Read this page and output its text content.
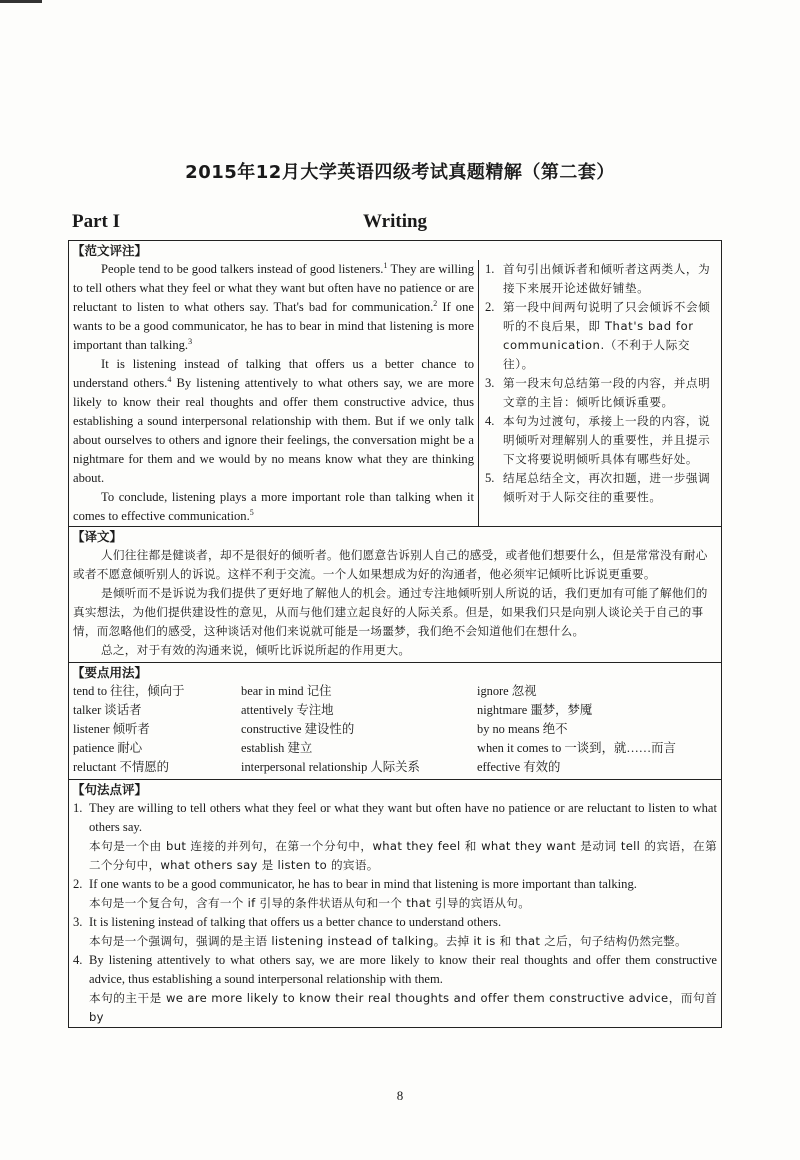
2015年12月大学英语四级考试真题精解（第二套）
Part I	Writing
【范文评注】

People tend to be good talkers instead of good listeners.$^1$ They are willing to tell others what they feel or what they want but often have no patience or are reluctant to listen to what others say. That's bad for communication.$^2$ If one wants to be a good communicator, he has to bear in mind that listening is more important than talking.$^3$

It is listening instead of talking that offers us a better chance to understand others.$^4$ By listening attentively to what others say, we are more likely to know their real thoughts and offer them constructive advice, thus establishing a sound interpersonal relationship with them. But if we only talk about ourselves to others and ignore their feelings, the conversation might be a nightmare for them and we would by no means know what they are thinking about.

To conclude, listening plays a more important role than talking when it comes to effective communication.$^5$

1. 首句引出倾诉者和倾听者这两类人，为接下来展开论述做好铺垫。
2. 第一段中间两句说明了只会倾诉不会倾听的不良后果，即 That's bad for communication.（不利于人际交往）。
3. 第一段末句总结第一段的内容，并点明文章的主旨：倾听比倾诉重要。
4. 本句为过渡句，承接上一段的内容，说明倾听对理解别人的重要性，并且提示下文将要说明倾听具体有哪些好处。
5. 结尾总结全文，再次扣题，进一步强调倾听对于人际交往的重要性。
【译文】

人们往往都是健谈者，却不是很好的倾听者。他们愿意告诉别人自己的感受，或者他们想要什么，但是常常没有耐心或者不愿意倾听别人的诉说。这样不利于交流。一个人如果想成为好的沟通者，他必须牢记倾听比诉说更重要。

是倾听而不是诉说为我们提供了更好地了解他人的机会。通过专注地倾听别人所说的话，我们更加有可能了解他们的真实想法，为他们提供建设性的意见，从而与他们建立起良好的人际关系。但是，如果我们只是向别人谈论关于自己的事情，而忽略他们的感受，这种谈话对他们来说就可能是一场噩梦，我们绝不会知道他们在想什么。

总之，对于有效的沟通来说，倾听比诉说所起的作用更大。

【要点用法】
tend to 往往，倾向于	bear in mind 记住	ignore 忽视
talker 谈话者	attentively 专注地	nightmare 噩梦，梦魇
listener 倾听者	constructive 建设性的	by no means 绝不
patience 耐心	establish 建立	when it comes to 一谈到，就……而言
reluctant 不情愿的	interpersonal relationship 人际关系	effective 有效的
【句法点评】
1. They are willing to tell others what they feel or what they want but often have no patience or are reluctant to listen to what others say.
本句是一个由 but 连接的并列句，在第一个分句中，what they feel 和 what they want 是动词 tell 的宾语，在第二个分句中，what others say 是 listen to 的宾语。
2. If one wants to be a good communicator, he has to bear in mind that listening is more important than talking.
本句是一个复合句，含有一个 if 引导的条件状语从句和一个 that 引导的宾语从句。
3. It is listening instead of talking that offers us a better chance to understand others.
本句是一个强调句，强调的是主语 listening instead of talking。去掉 it is 和 that 之后，句子结构仍然完整。
4. By listening attentively to what others say, we are more likely to know their real thoughts and offer them constructive advice, thus establishing a sound interpersonal relationship with them.
本句的主干是 we are more likely to know their real thoughts and offer them constructive advice，而句首 by
8
